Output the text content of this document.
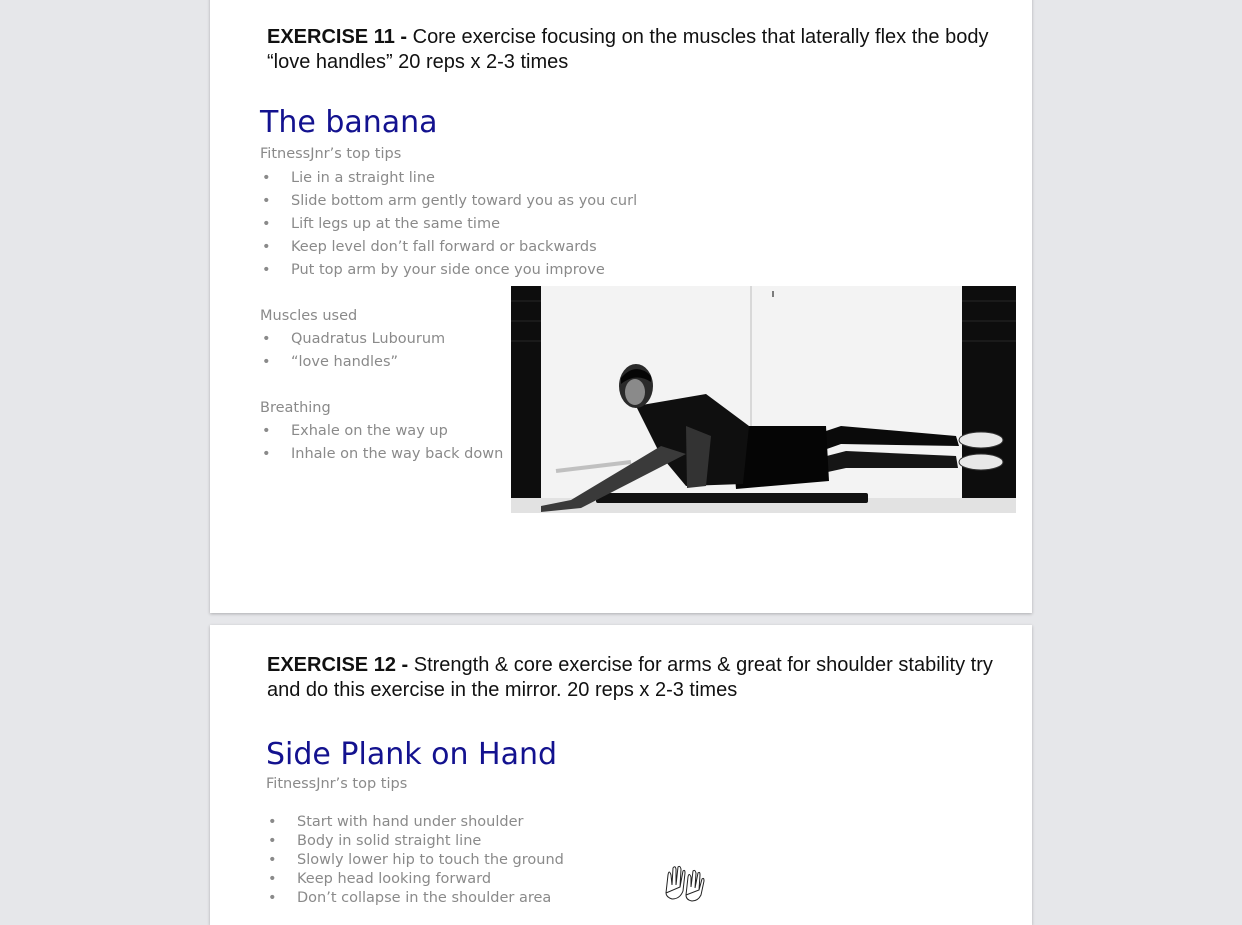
EXERCISE 11 - Core exercise focusing on the muscles that laterally flex the body “love handles” 20 reps x 2-3 times
The banana
FitnessJnr’s top tips
• Lie in a straight line
• Slide bottom arm gently toward you as you curl
• Lift legs up at the same time
• Keep level don’t fall forward or backwards
• Put top arm by your side once you improve
Muscles used
• Quadratus Lubourum
• “love handles”
Breathing
• Exhale on the way up
• Inhale on the way back down
EXERCISE 12 - Strength & core exercise for arms & great for shoulder stability try and do this exercise in the mirror. 20 reps x 2-3 times
Side Plank on Hand
FitnessJnr’s top tips
• Start with hand under shoulder
• Body in solid straight line
• Slowly lower hip to touch the ground
• Keep head looking forward
• Don’t collapse in the shoulder area
